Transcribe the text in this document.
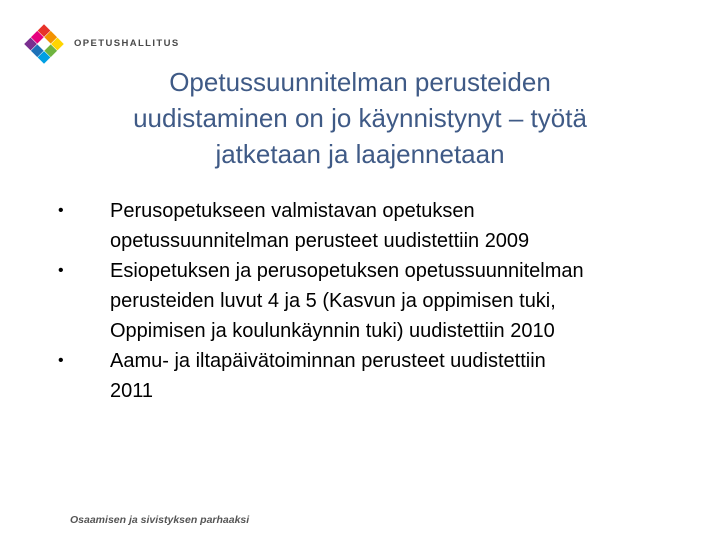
OPETUSHALLITUS
Opetussuunnitelman perusteiden
uudistaminen on jo käynnistynyt – työtä
jatketaan ja laajennetaan
• Perusopetukseen valmistavan opetuksen
opetussuunnitelman perusteet uudistettiin 2009
• Esiopetuksen ja perusopetuksen opetussuunnitelman
perusteiden luvut 4 ja 5 (Kasvun ja oppimisen tuki,
Oppimisen ja koulunkäynnin tuki) uudistettiin 2010
• Aamu- ja iltapäivätoiminnan perusteet uudistettiin
2011
Osaamisen ja sivistyksen parhaaksi
